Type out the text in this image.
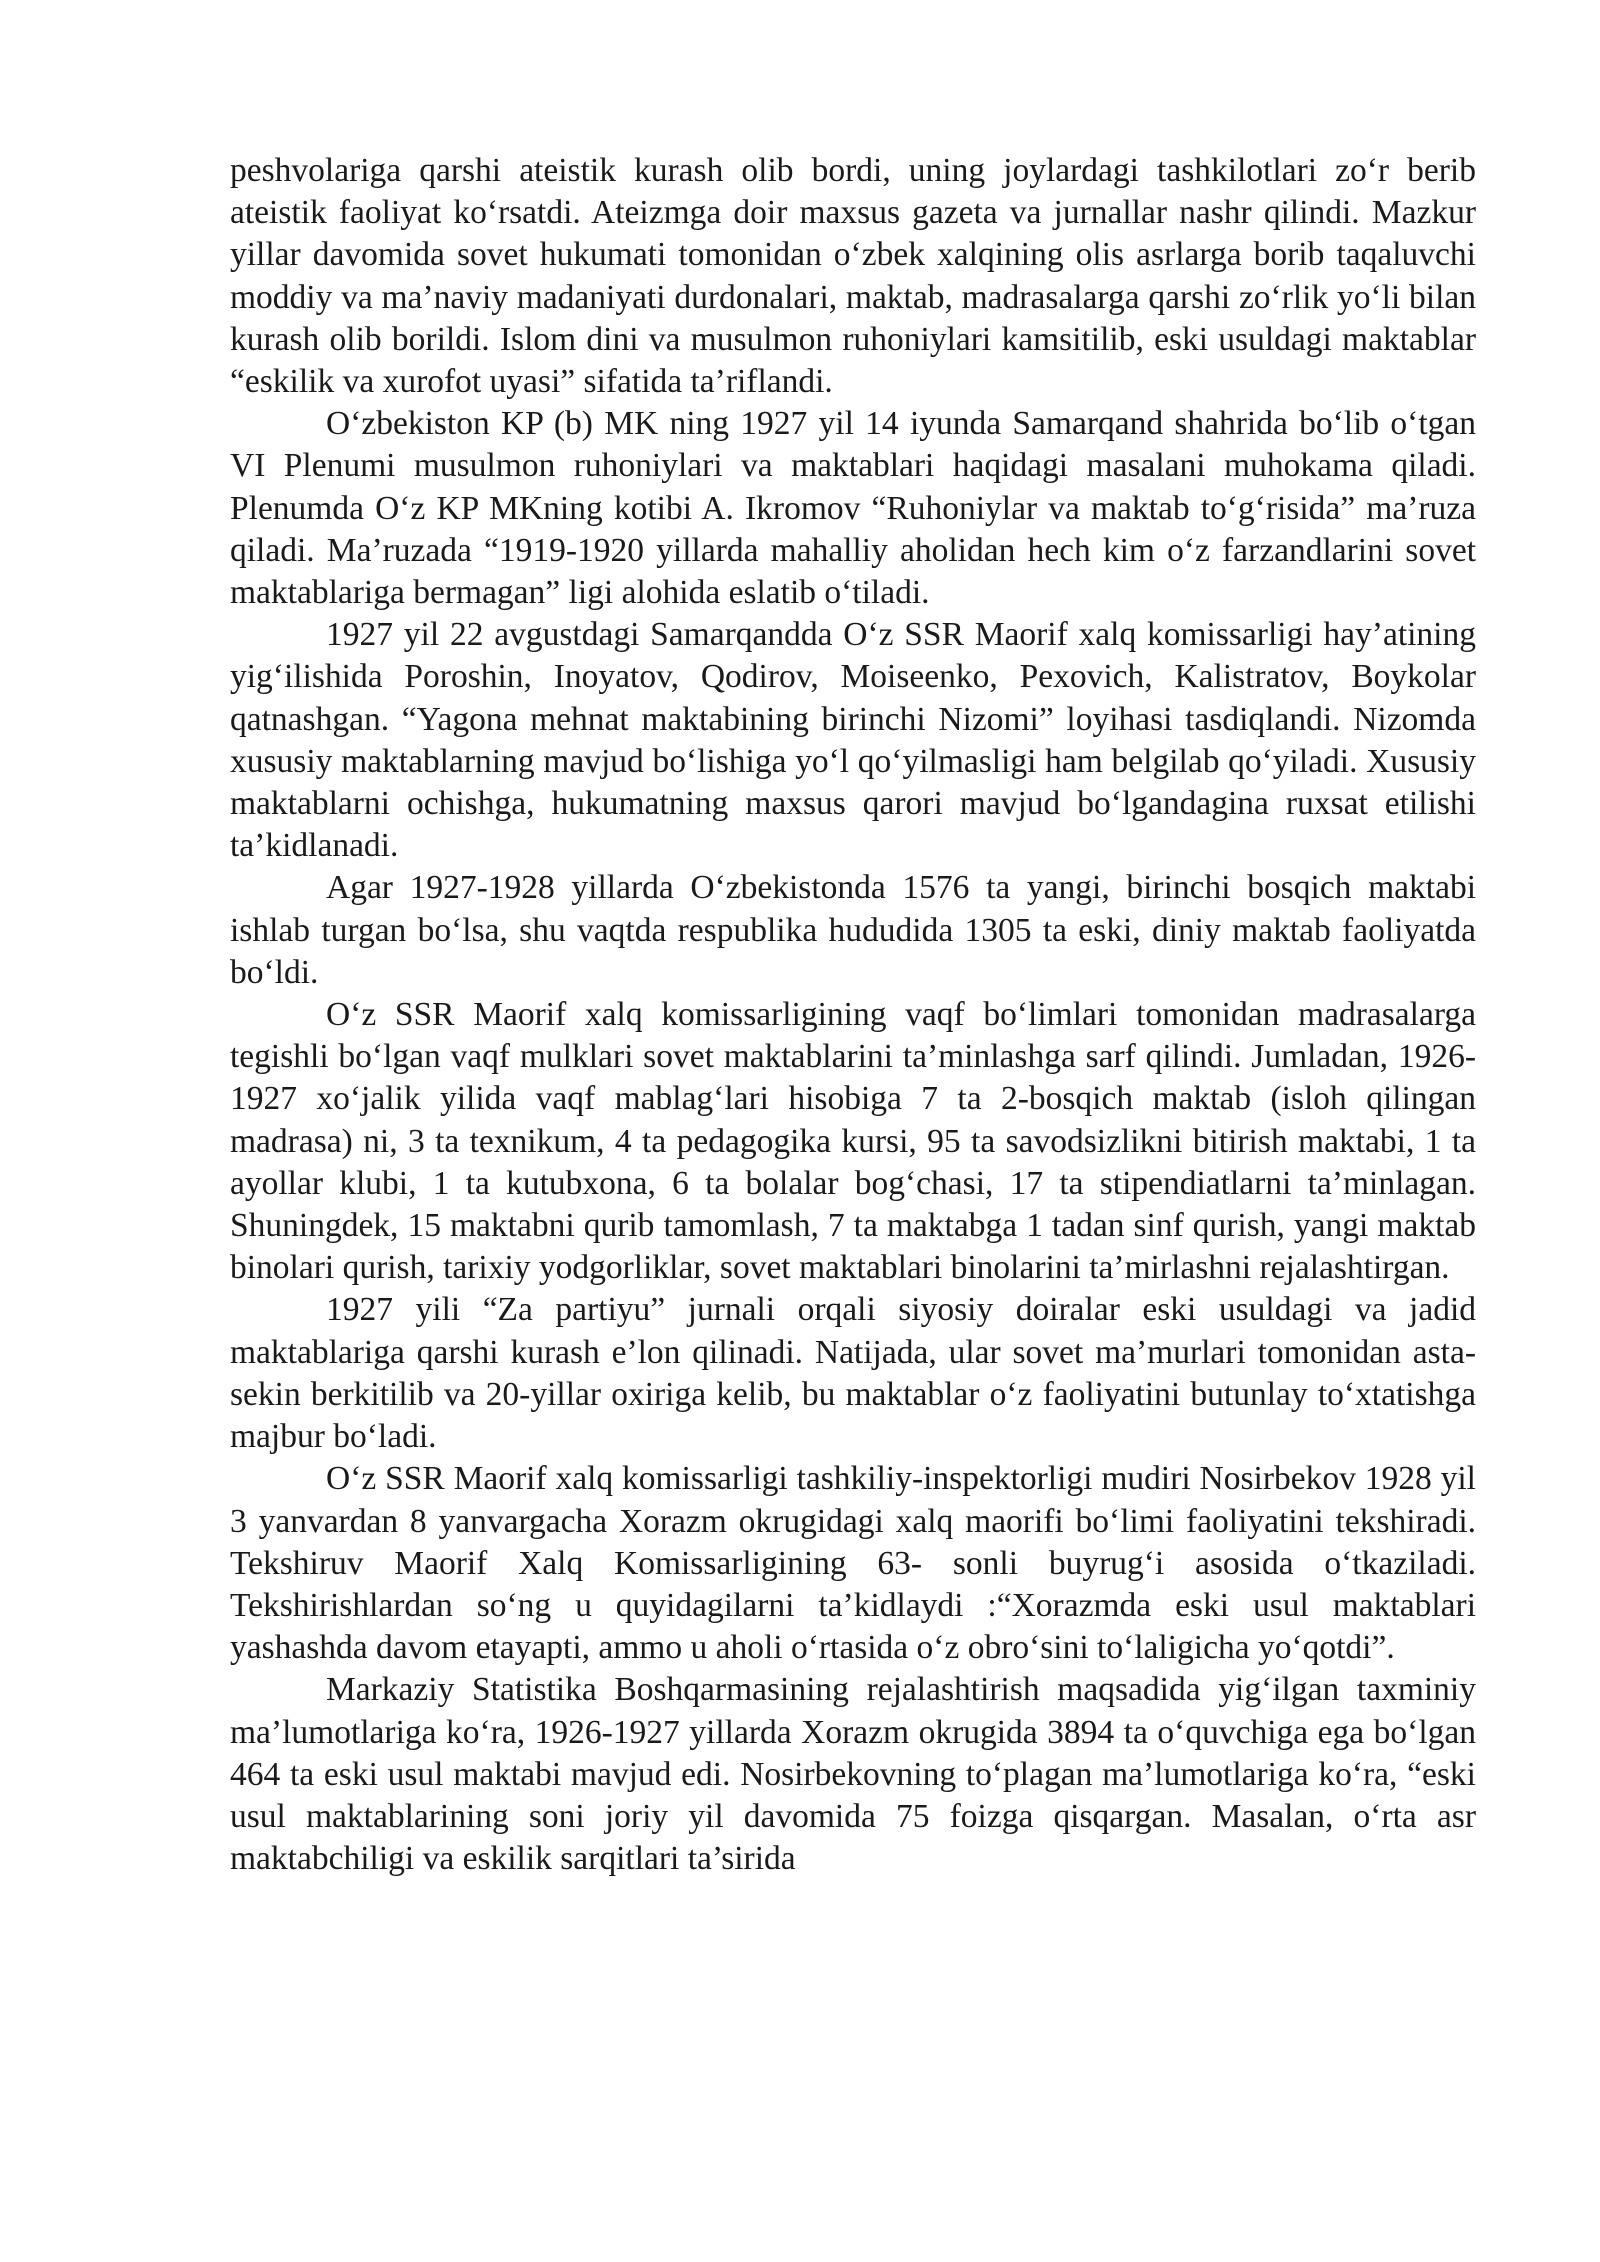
peshvolariga qarshi ateistik kurash olib bordi, uning joylardagi tashkilotlari zo‘r berib ateistik faoliyat ko‘rsatdi. Ateizmga doir maxsus gazeta va jurnallar nashr qilindi. Mazkur yillar davomida sovet hukumati tomonidan o‘zbek xalqining olis asrlarga borib taqaluvchi moddiy va ma’naviy madaniyati durdonalari, maktab, madrasalarga qarshi zo‘rlik yo‘li bilan kurash olib borildi. Islom dini va musulmon ruhoniylari kamsitilib, eski usuldagi maktablar “eskilik va xurofot uyasi” sifatida ta’riflandi.

O‘zbekiston KP (b) MK ning 1927 yil 14 iyunda Samarqand shahrida bo‘lib o‘tgan VI Plenumi musulmon ruhoniylari va maktablari haqidagi masalani muhokama qiladi. Plenumda O‘z KP MKning kotibi A. Ikromov “Ruhoniylar va maktab to‘g‘risida” ma’ruza qiladi. Ma’ruzada “1919-1920 yillarda mahalliy aholidan hech kim o‘z farzandlarini sovet maktablariga bermagan” ligi alohida eslatib o‘tiladi.

1927 yil 22 avgustdagi Samarqandda O‘z SSR Maorif xalq komissarligi hay’atining yig‘ilishida Poroshin, Inoyatov, Qodirov, Moiseenko, Pexovich, Kalistratov, Boykolar qatnashgan. “Yagona mehnat maktabining birinchi Nizomi” loyihasi tasdiqlandi. Nizomda xususiy maktablarning mavjud bo‘lishiga yo‘l qo‘yilmasligi ham belgilab qo‘yiladi. Xususiy maktablarni ochishga, hukumatning maxsus qarori mavjud bo‘lgandagina ruxsat etilishi ta’kidlanadi.

Agar 1927-1928 yillarda O‘zbekistonda 1576 ta yangi, birinchi bosqich maktabi ishlab turgan bo‘lsa, shu vaqtda respublika hududida 1305 ta eski, diniy maktab faoliyatda bo‘ldi.

O‘z SSR Maorif xalq komissarligining vaqf bo‘limlari tomonidan madrasalarga tegishli bo‘lgan vaqf mulklari sovet maktablarini ta’minlashga sarf qilindi. Jumladan, 1926-1927 xo‘jalik yilida vaqf mablag‘lari hisobiga 7 ta 2-bosqich maktab (isloh qilingan madrasa) ni, 3 ta texnikum, 4 ta pedagogika kursi, 95 ta savodsizlikni bitirish maktabi, 1 ta ayollar klubi, 1 ta kutubxona, 6 ta bolalar bog‘chasi, 17 ta stipendiatlarni ta’minlagan. Shuningdek, 15 maktabni qurib tamomlash, 7 ta maktabga 1 tadan sinf qurish, yangi maktab binolari qurish, tarixiy yodgorliklar, sovet maktablari binolarini ta’mirlashni rejalashtirgan.

1927 yili “Za partiyu” jurnali orqali siyosiy doiralar eski usuldagi va jadid maktablariga qarshi kurash e’lon qilinadi. Natijada, ular sovet ma’murlari tomonidan asta-sekin berkitilib va 20-yillar oxiriga kelib, bu maktablar o‘z faoliyatini butunlay to‘xtatishga majbur bo‘ladi.

O‘z SSR Maorif xalq komissarligi tashkiliy-inspektorligi mudiri Nosirbekov 1928 yil 3 yanvardan 8 yanvargacha Xorazm okrugidagi xalq maorifi bo‘limi faoliyatini tekshiradi. Tekshiruv Maorif Xalq Komissarligining 63- sonli buyrug‘i asosida o‘tkaziladi. Tekshirishlardan so‘ng u quyidagilarni ta’kidlaydi :“Xorazmda eski usul maktablari yashashda davom etayapti, ammo u aholi o‘rtasida o‘z obro‘sini to‘laligicha yo‘qotdi”.

Markaziy Statistika Boshqarmasining rejalashtirish maqsadida yig‘ilgan taxminiy ma’lumotlariga ko‘ra, 1926-1927 yillarda Xorazm okrugida 3894 ta o‘quvchiga ega bo‘lgan 464 ta eski usul maktabi mavjud edi. Nosirbekovning to‘plagan ma’lumotlariga ko‘ra, “eski usul maktablarining soni joriy yil davomida 75 foizga qisqargan. Masalan, o‘rta asr maktabchiligi va eskilik sarqitlari ta’sirida
